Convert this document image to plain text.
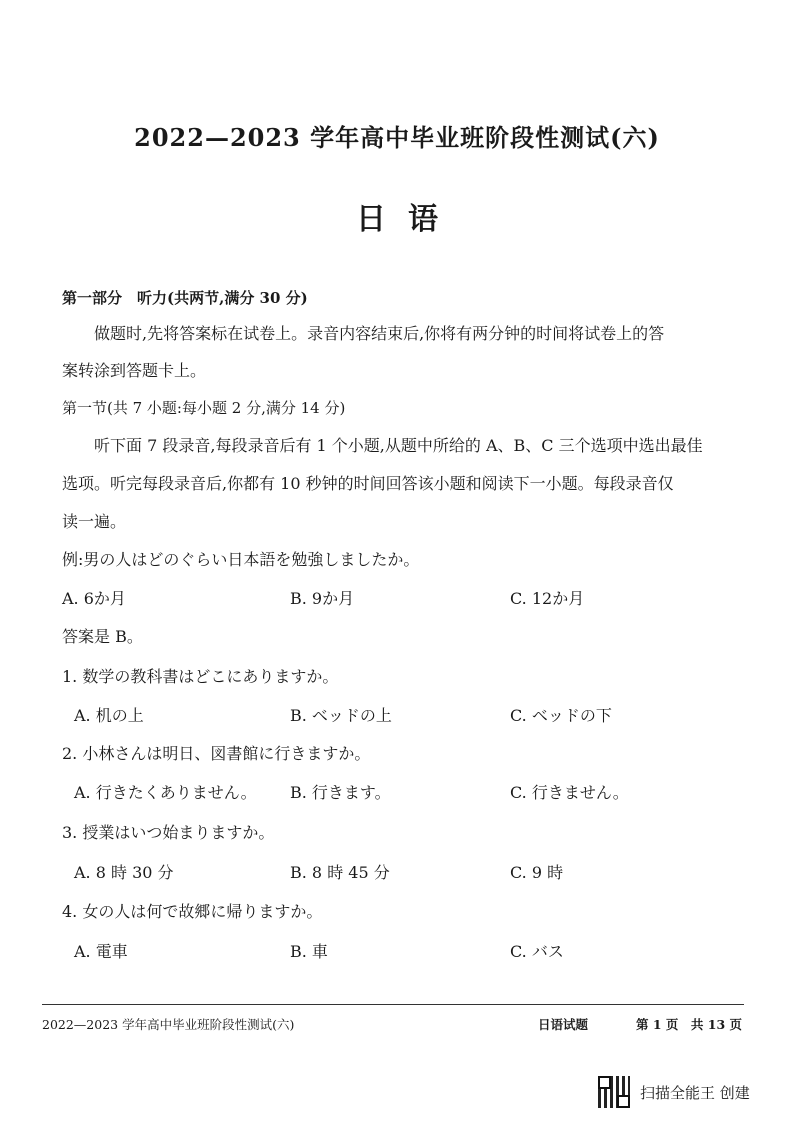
2022—2023 学年高中毕业班阶段性测试(六)
日语
第一部分　听力(共两节,满分 30 分)
做题时,先将答案标在试卷上。录音内容结束后,你将有两分钟的时间将试卷上的答
案转涂到答题卡上。
第一节(共 7 小题:每小题 2 分,满分 14 分)
听下面 7 段录音,每段录音后有 1 个小题,从题中所给的 A、B、C 三个选项中选出最佳
选项。听完每段录音后,你都有 10 秒钟的时间回答该小题和阅读下一小题。每段录音仅
读一遍。
例:男の人はどのぐらい日本語を勉強しましたか。
A. 6か月	B. 9か月	C. 12か月
答案是 B。
1. 数学の教科書はどこにありますか。
A. 机の上	B. ベッドの上	C. ベッドの下
2. 小林さんは明日、図書館に行きますか。
A. 行きたくありません。 B. 行きます。	C. 行きません。
3. 授業はいつ始まりますか。
A. 8 時 30 分	B. 8 時 45 分	C. 9 時
4. 女の人は何で故郷に帰りますか。
A. 電車	B. 車	C. バス
2022—2023 学年高中毕业班阶段性测试(六)	日语试题	第 1 页　共 13 页
扫描全能王 创建
